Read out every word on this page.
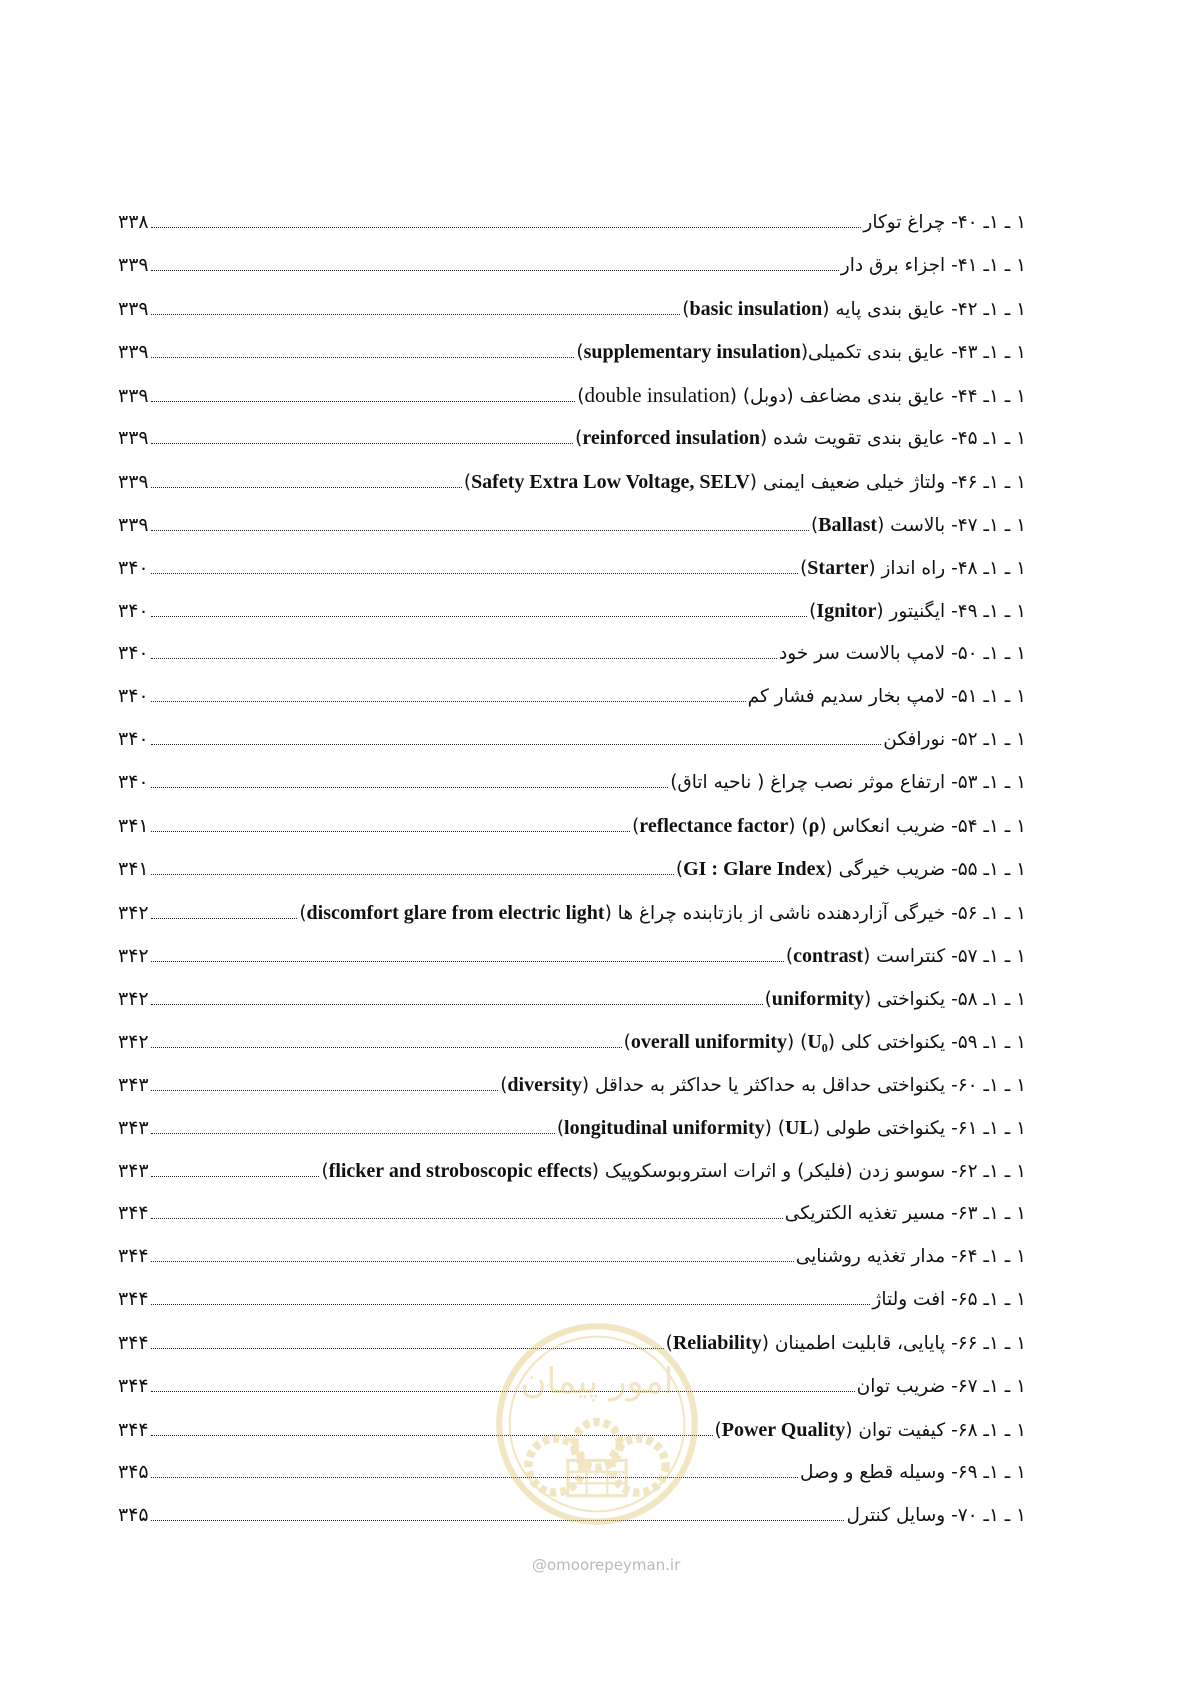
۱ ـ ۱ـ ۴۰- چراغ توکار
۳۳۸
۱ ـ ۱ـ ۴۱- اجزاء برق دار
۳۳۹
۱ ـ ۱ـ ۴۲- عایق بندی پایه (basic insulation)
۳۳۹
۱ ـ ۱ـ ۴۳- عایق بندی تکمیلی(supplementary insulation)
۳۳۹
۱ ـ ۱ـ ۴۴- عایق بندی مضاعف (دوبل) (double insulation)
۳۳۹
۱ ـ ۱ـ ۴۵- عایق بندی تقویت شده (reinforced insulation)
۳۳۹
۱ ـ ۱ـ ۴۶- ولتاژ خیلی ضعیف ایمنی (Safety Extra Low Voltage, SELV)
۳۳۹
۱ ـ ۱ـ ۴۷- بالاست (Ballast)
۳۳۹
۱ ـ ۱ـ ۴۸- راه انداز (Starter)
۳۴۰
۱ ـ ۱ـ ۴۹- ایگنیتور (Ignitor)
۳۴۰
۱ ـ ۱ـ ۵۰- لامپ بالاست سر خود
۳۴۰
۱ ـ ۱ـ ۵۱- لامپ بخار سدیم فشار کم
۳۴۰
۱ ـ ۱ـ ۵۲- نورافکن
۳۴۰
۱ ـ ۱ـ ۵۳- ارتفاع موثر نصب چراغ ( ناحیه اتاق)
۳۴۰
۱ ـ ۱ـ ۵۴- ضریب انعکاس (ρ) (reflectance factor)
۳۴۱
۱ ـ ۱ـ ۵۵- ضریب خیرگی (GI : Glare Index)
۳۴۱
۱ ـ ۱ـ ۵۶- خیرگی آزاردهنده ناشی از بازتابنده چراغ ها (discomfort glare from electric light)
۳۴۲
۱ ـ ۱ـ ۵۷- کنتراست (contrast)
۳۴۲
۱ ـ ۱ـ ۵۸- یکنواختی (uniformity)
۳۴۲
۱ ـ ۱ـ ۵۹- یکنواختی کلی (U₀) (overall uniformity)
۳۴۲
۱ ـ ۱ـ ۶۰- یکنواختی حداقل به حداکثر یا حداکثر به حداقل (diversity)
۳۴۳
۱ ـ ۱ـ ۶۱- یکنواختی طولی (UL) (longitudinal uniformity)
۳۴۳
۱ ـ ۱ـ ۶۲- سوسو زدن (فلیکر) و اثرات استروبوسکوپیک (flicker and stroboscopic effects)
۳۴۳
۱ ـ ۱ـ ۶۳- مسیر تغذیه الکتریکی
۳۴۴
۱ ـ ۱ـ ۶۴- مدار تغذیه روشنایی
۳۴۴
۱ ـ ۱ـ ۶۵- افت ولتاژ
۳۴۴
۱ ـ ۱ـ ۶۶- پایایی، قابلیت اطمینان (Reliability)
۳۴۴
۱ ـ ۱ـ ۶۷- ضریب توان
۳۴۴
۱ ـ ۱ـ ۶۸- کیفیت توان (Power Quality)
۳۴۴
۱ ـ ۱ـ ۶۹- وسیله قطع و وصل
۳۴۵
۱ ـ ۱ـ ۷۰- وسایل کنترل
۳۴۵
امور پیمان
@omoorepeyman.ir
